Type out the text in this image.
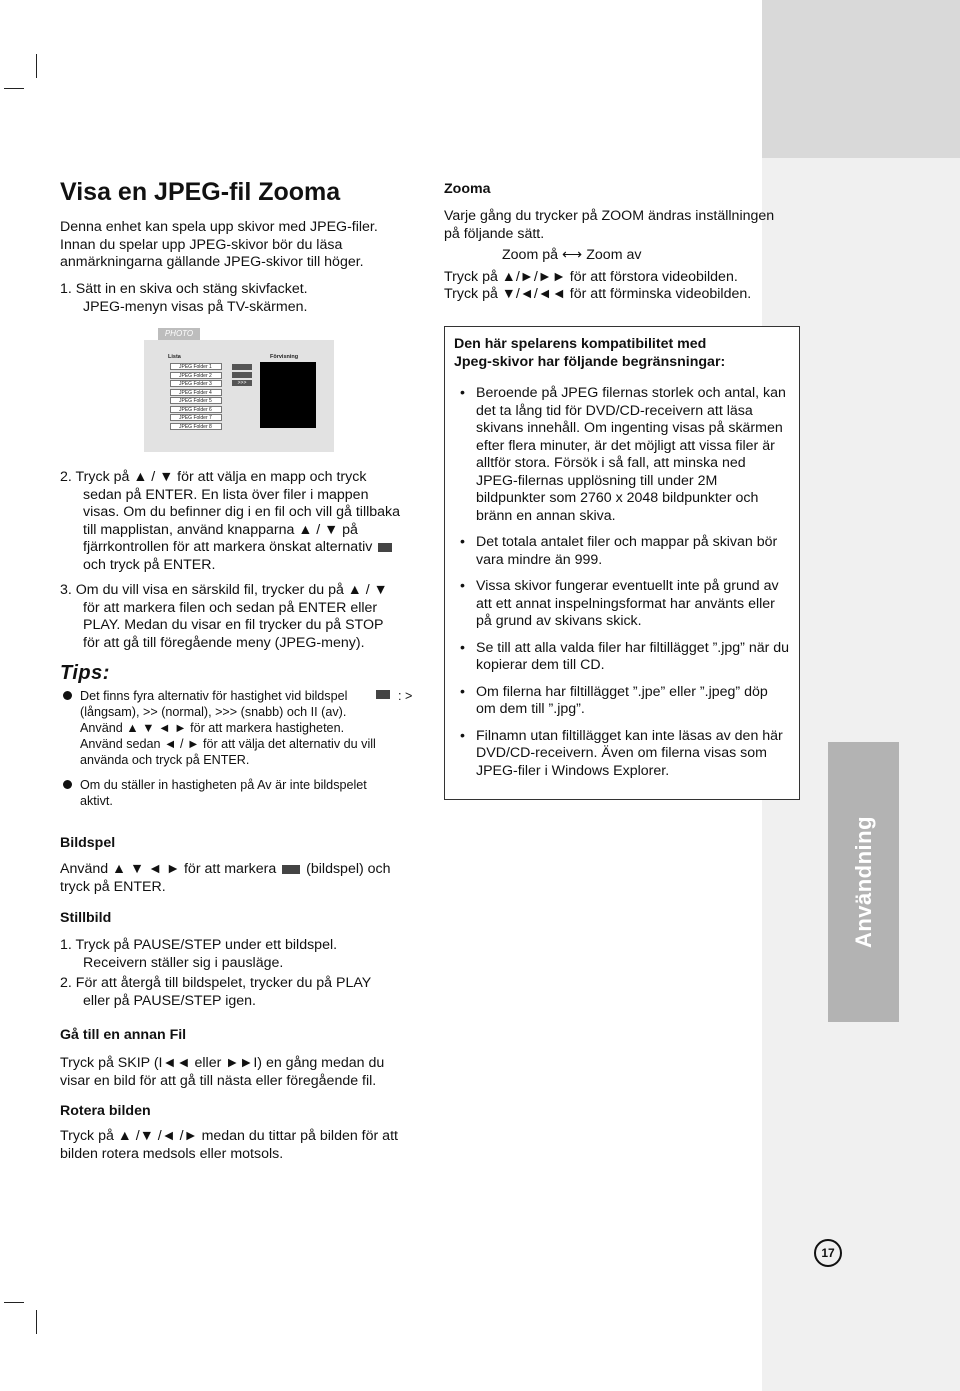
Användning
Visa en JPEG-fil Zooma
Denna enhet kan spela upp skivor med JPEG-filer.
Innan du spelar upp JPEG-skivor bör du läsa
anmärkningarna gällande JPEG-skivor till höger.
1. Sätt in en skiva och stäng skivfacket.
JPEG-menyn visas på TV-skärmen.
PHOTO
Lista	Förvisning
JPEG Folder 1
JPEG Folder 2
JPEG Folder 3
JPEG Folder 4
JPEG Folder 5
JPEG Folder 6
JPEG Folder 7
JPEG Folder 8
>>>
2. Tryck på ▲ / ▼ för att välja en mapp och tryck
sedan på ENTER. En lista över filer i mappen
visas. Om du befinner dig i en fil och vill gå tillbaka
till mapplistan, använd knapparna ▲ / ▼ på
fjärrkontrollen för att markera önskat alternativ
och tryck på ENTER.
3. Om du vill visa en särskild fil, trycker du på ▲ / ▼
för att markera filen och sedan på ENTER eller
PLAY. Medan du visar en fil trycker du på STOP
för att gå till föregående meny (JPEG-meny).
Tips:
Det finns fyra alternativ för hastighet vid bildspel	: >
(långsam), >> (normal), >>> (snabb) och II (av).
Använd ▲ ▼ ◄ ► för att markera hastigheten.
Använd sedan ◄ / ► för att välja det alternativ du vill
använda och tryck på ENTER.
Om du ställer in hastigheten på Av är inte bildspelet
aktivt.
Bildspel
Använd ▲ ▼ ◄ ► för att markera (bildspel) och
tryck på ENTER.
Stillbild
1. Tryck på PAUSE/STEP under ett bildspel.
Receivern ställer sig i pausläge.
2. För att återgå till bildspelet, trycker du på PLAY
eller på PAUSE/STEP igen.
Gå till en annan Fil
Tryck på SKIP (I◄◄ eller ►►I) en gång medan du
visar en bild för att gå till nästa eller föregående fil.
Rotera bilden
Tryck på ▲ /▼ /◄ /► medan du tittar på bilden för att
bilden rotera medsols eller motsols.
Zooma
Varje gång du trycker på ZOOM ändras inställningen
på följande sätt.
Zoom på ⟷ Zoom av
Tryck på ▲/►/►► för att förstora videobilden.
Tryck på ▼/◄/◄◄ för att förminska videobilden.
Den här spelarens kompatibilitet med
Jpeg-skivor har följande begränsningar:
• Beroende på JPEG filernas storlek och antal, kan det ta lång tid för DVD/CD-receivern att läsa skivans innehåll. Om ingenting visas på skärmen efter flera minuter, är det möjligt att vissa filer är alltför stora. Försök i så fall, att minska ned JPEG-filernas upplösning till under 2M bildpunkter som 2760 x 2048 bildpunkter och bränn en annan skiva.
• Det totala antalet filer och mappar på skivan bör vara mindre än 999.
• Vissa skivor fungerar eventuellt inte på grund av att ett annat inspelningsformat har använts eller på grund av skivans skick.
• Se till att alla valda filer har filtillägget ”.jpg” när du kopierar dem till CD.
• Om filerna har filtillägget ”.jpe” eller ”.jpeg” döp om dem till ”.jpg”.
• Filnamn utan filtillägget kan inte läsas av den här DVD/CD-receivern. Även om filerna visas som JPEG-filer i Windows Explorer.
17
